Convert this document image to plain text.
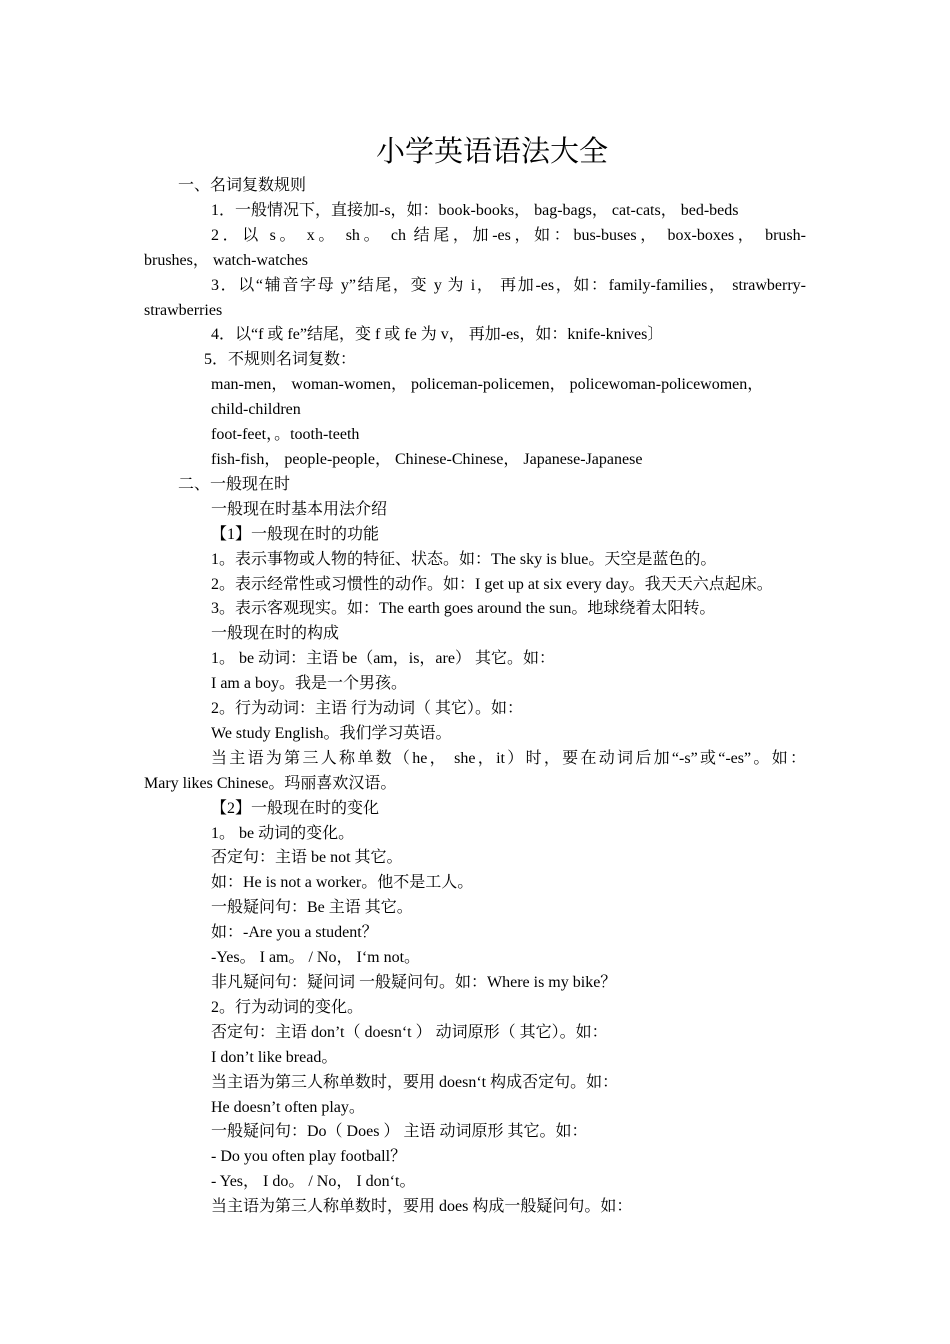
小学英语语法大全
一、名词复数规则
1．一般情况下，直接加-s，如：book-books， bag-bags， cat-cats， bed-beds
2．以 s。 x。 sh。 ch 结尾，加-es，如：bus-buses， box-boxes， brush-
brushes， watch-watches
3．以“辅音字母 y”结尾，变 y 为 i， 再加-es，如：family-families， strawberry-
strawberries
4．以“f 或 fe”结尾，变 f 或 fe 为 v， 再加-es，如：knife-knives〕
5．不规则名词复数：
man-men， woman-women， policeman-policemen， policewoman-policewomen，
child-children
foot-feet，。tooth-teeth
fish-fish， people-people， Chinese-Chinese， Japanese-Japanese
二、一般现在时
一般现在时基本用法介绍
【1】一般现在时的功能
1。表示事物或人物的特征、状态。如：The sky is blue。天空是蓝色的。
2。表示经常性或习惯性的动作。如：I get up at six every day。我天天六点起床。
3。表示客观现实。如：The earth goes around the sun。地球绕着太阳转。
一般现在时的构成
1。 be 动词：主语 be（am，is，are） 其它。如：
I am a boy。我是一个男孩。
2。行为动词：主语 行为动词（ 其它）。如：
We study English。我们学习英语。
当主语为第三人称单数（he， she，it）时，要在动词后加“-s”或“-es”。如：
Mary likes Chinese。玛丽喜欢汉语。
【2】一般现在时的变化
1。 be 动词的变化。
否定句：主语 be not 其它。
如：He is not a worker。他不是工人。
一般疑问句：Be 主语 其它。
如：-Are you a student？
-Yes。 I am。 / No， I‘m not。
非凡疑问句：疑问词 一般疑问句。如：Where is my bike？
2。行为动词的变化。
否定句：主语 don’t（ doesn‘t ） 动词原形（ 其它）。如：
I don’t like bread。
当主语为第三人称单数时，要用 doesn‘t 构成否定句。如：
He doesn’t often play。
一般疑问句：Do（ Does ） 主语 动词原形 其它。如：
- Do you often play football？
- Yes， I do。 / No， I don‘t。
当主语为第三人称单数时，要用 does 构成一般疑问句。如：
